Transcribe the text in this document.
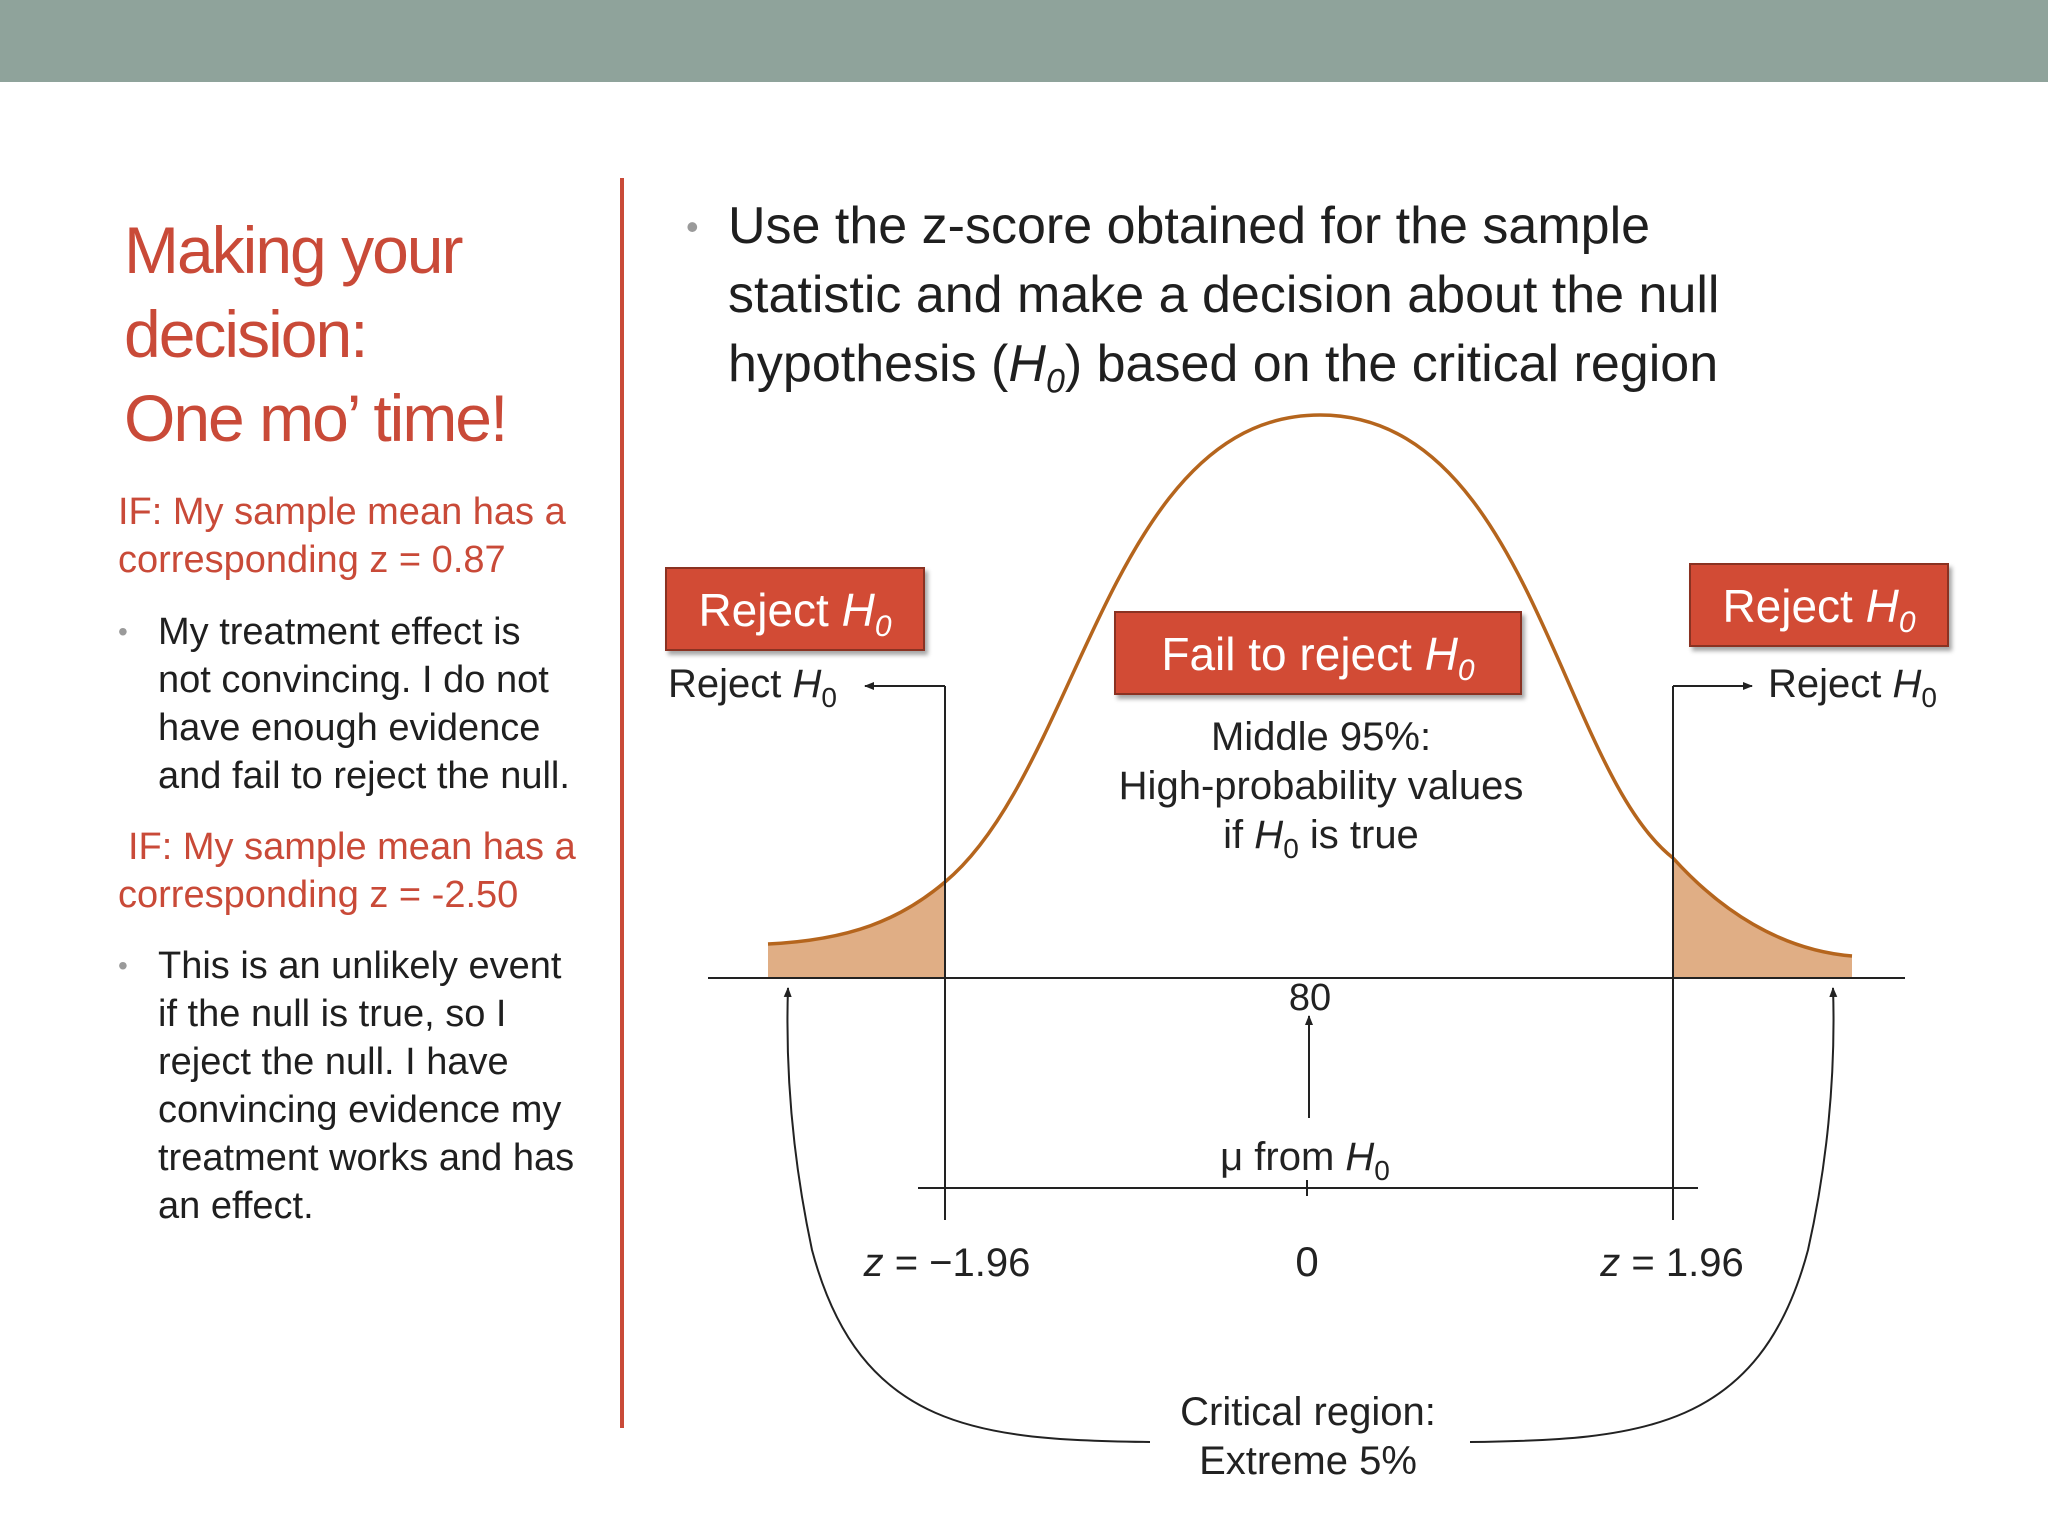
Making your
decision:
One mo’ time!

IF: My sample mean has a
corresponding z = 0.87

• My treatment effect is
not convincing. I do not
have enough evidence
and fail to reject the null.

IF: My sample mean has a
corresponding z = -2.50

• This is an unlikely event
if the null is true, so I
reject the null. I have
convincing evidence my
treatment works and has
an effect.
• Use the z-score obtained for the sample
statistic and make a decision about the null
hypothesis $(H_0)$ based on the critical region
Reject $H_0$
Fail to reject $H_0$
Reject $H_0$
Reject $H_0$	Reject $H_0$
Middle 95%:
High-probability values
if $H_0$ is true
80
μ from $H_0$
z = −1.96	0	z = 1.96
Critical region:
Extreme 5%
